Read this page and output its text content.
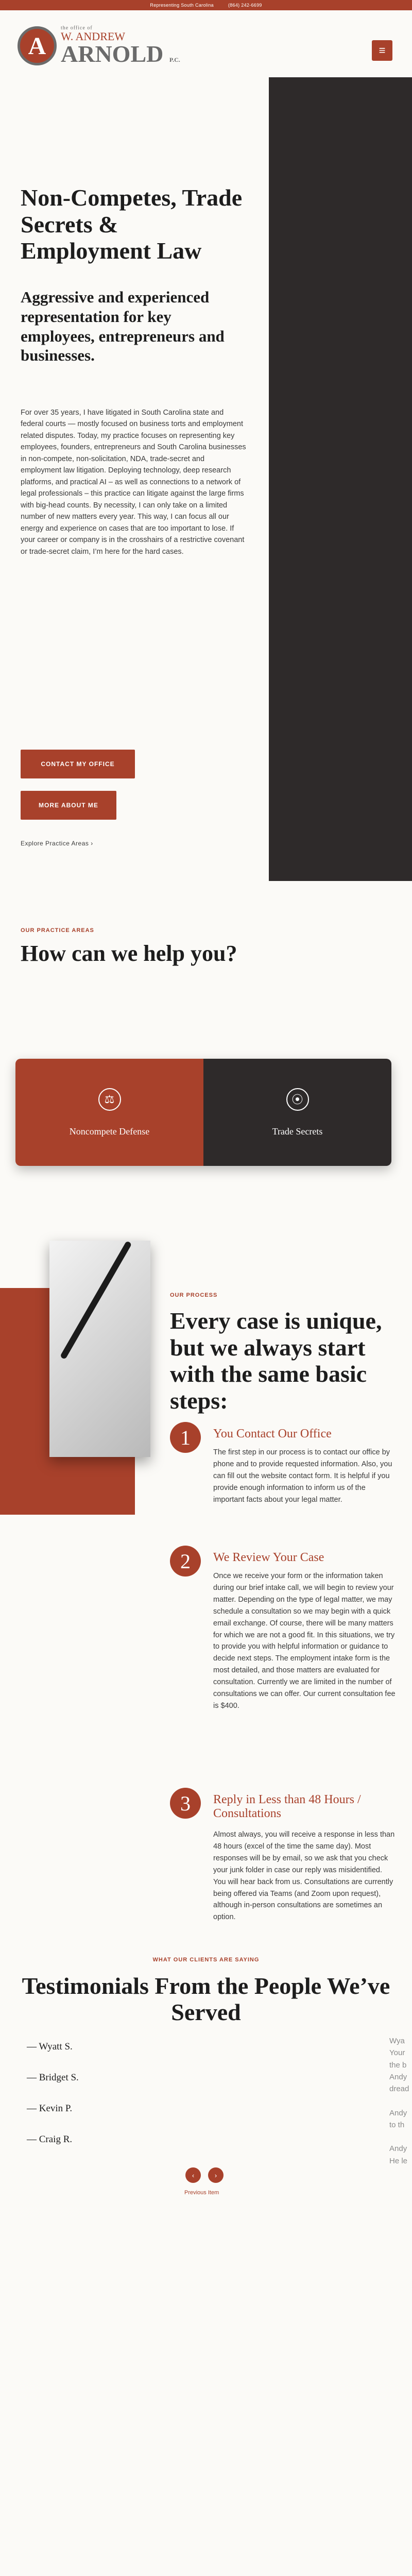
Representing South Carolina	(864) 242-6699
A
the office of
W. ANDREW
ARNOLD P.C.
≡
Non-Competes, Trade Secrets & Employment Law
Aggressive and experienced representation for key employees, entrepreneurs and businesses.

For over 35 years, I have litigated in South Carolina state and federal courts — mostly focused on business torts and employment related disputes. Today, my practice focuses on representing key employees, founders, entrepreneurs and South Carolina businesses in non-compete, non-solicitation, NDA, trade-secret and employment law litigation. Deploying technology, deep research platforms, and practical AI – as well as connections to a network of legal professionals – this practice can litigate against the large firms with big-head counts. By necessity, I can only take on a limited number of new matters every year. This way, I can focus all our energy and experience on cases that are too important to lose. If your career or company is in the crosshairs of a restrictive covenant or trade-secret claim, I’m here for the hard cases.

CONTACT MY OFFICE
MORE ABOUT ME
Explore Practice Areas ›
OUR PRACTICE AREAS
How can we help you?
⚖
Noncompete Defense
⦿
Trade Secrets
OUR PROCESS
Every case is unique, but we always start with the same basic steps:
1	You Contact Our Office
The first step in our process is to contact our office by phone and to provide requested information. Also, you can fill out the website contact form. It is helpful if you provide enough information to inform us of the important facts about your legal matter.
2	We Review Your Case
Once we receive your form or the information taken during our brief intake call, we will begin to review your matter. Depending on the type of legal matter, we may schedule a consultation so we may begin with a quick email exchange. Of course, there will be many matters for which we are not a good fit. In this situations, we try to provide you with helpful information or guidance to decide next steps. The employment intake form is the most detailed, and those matters are evaluated for consultation. Currently we are limited in the number of consultations we can offer. Our current consultation fee is $400.
3	Reply in Less than 48 Hours / Consultations
Almost always, you will receive a response in less than 48 hours (excel of the time the same day). Most responses will be by email, so we ask that you check your junk folder in case our reply was misidentified. You will hear back from us. Consultations are currently being offered via Teams (and Zoom upon request), although in-person consultations are sometimes an option.
WHAT OUR CLIENTS ARE SAYING
Testimonials From the People We’ve Served
— Wyatt S.
— Bridget S.
— Kevin P.
— Craig R.
Wya
Your
the b
Andy
dread

Andy
to th

Andy
He le
‹	›
Previous Item
